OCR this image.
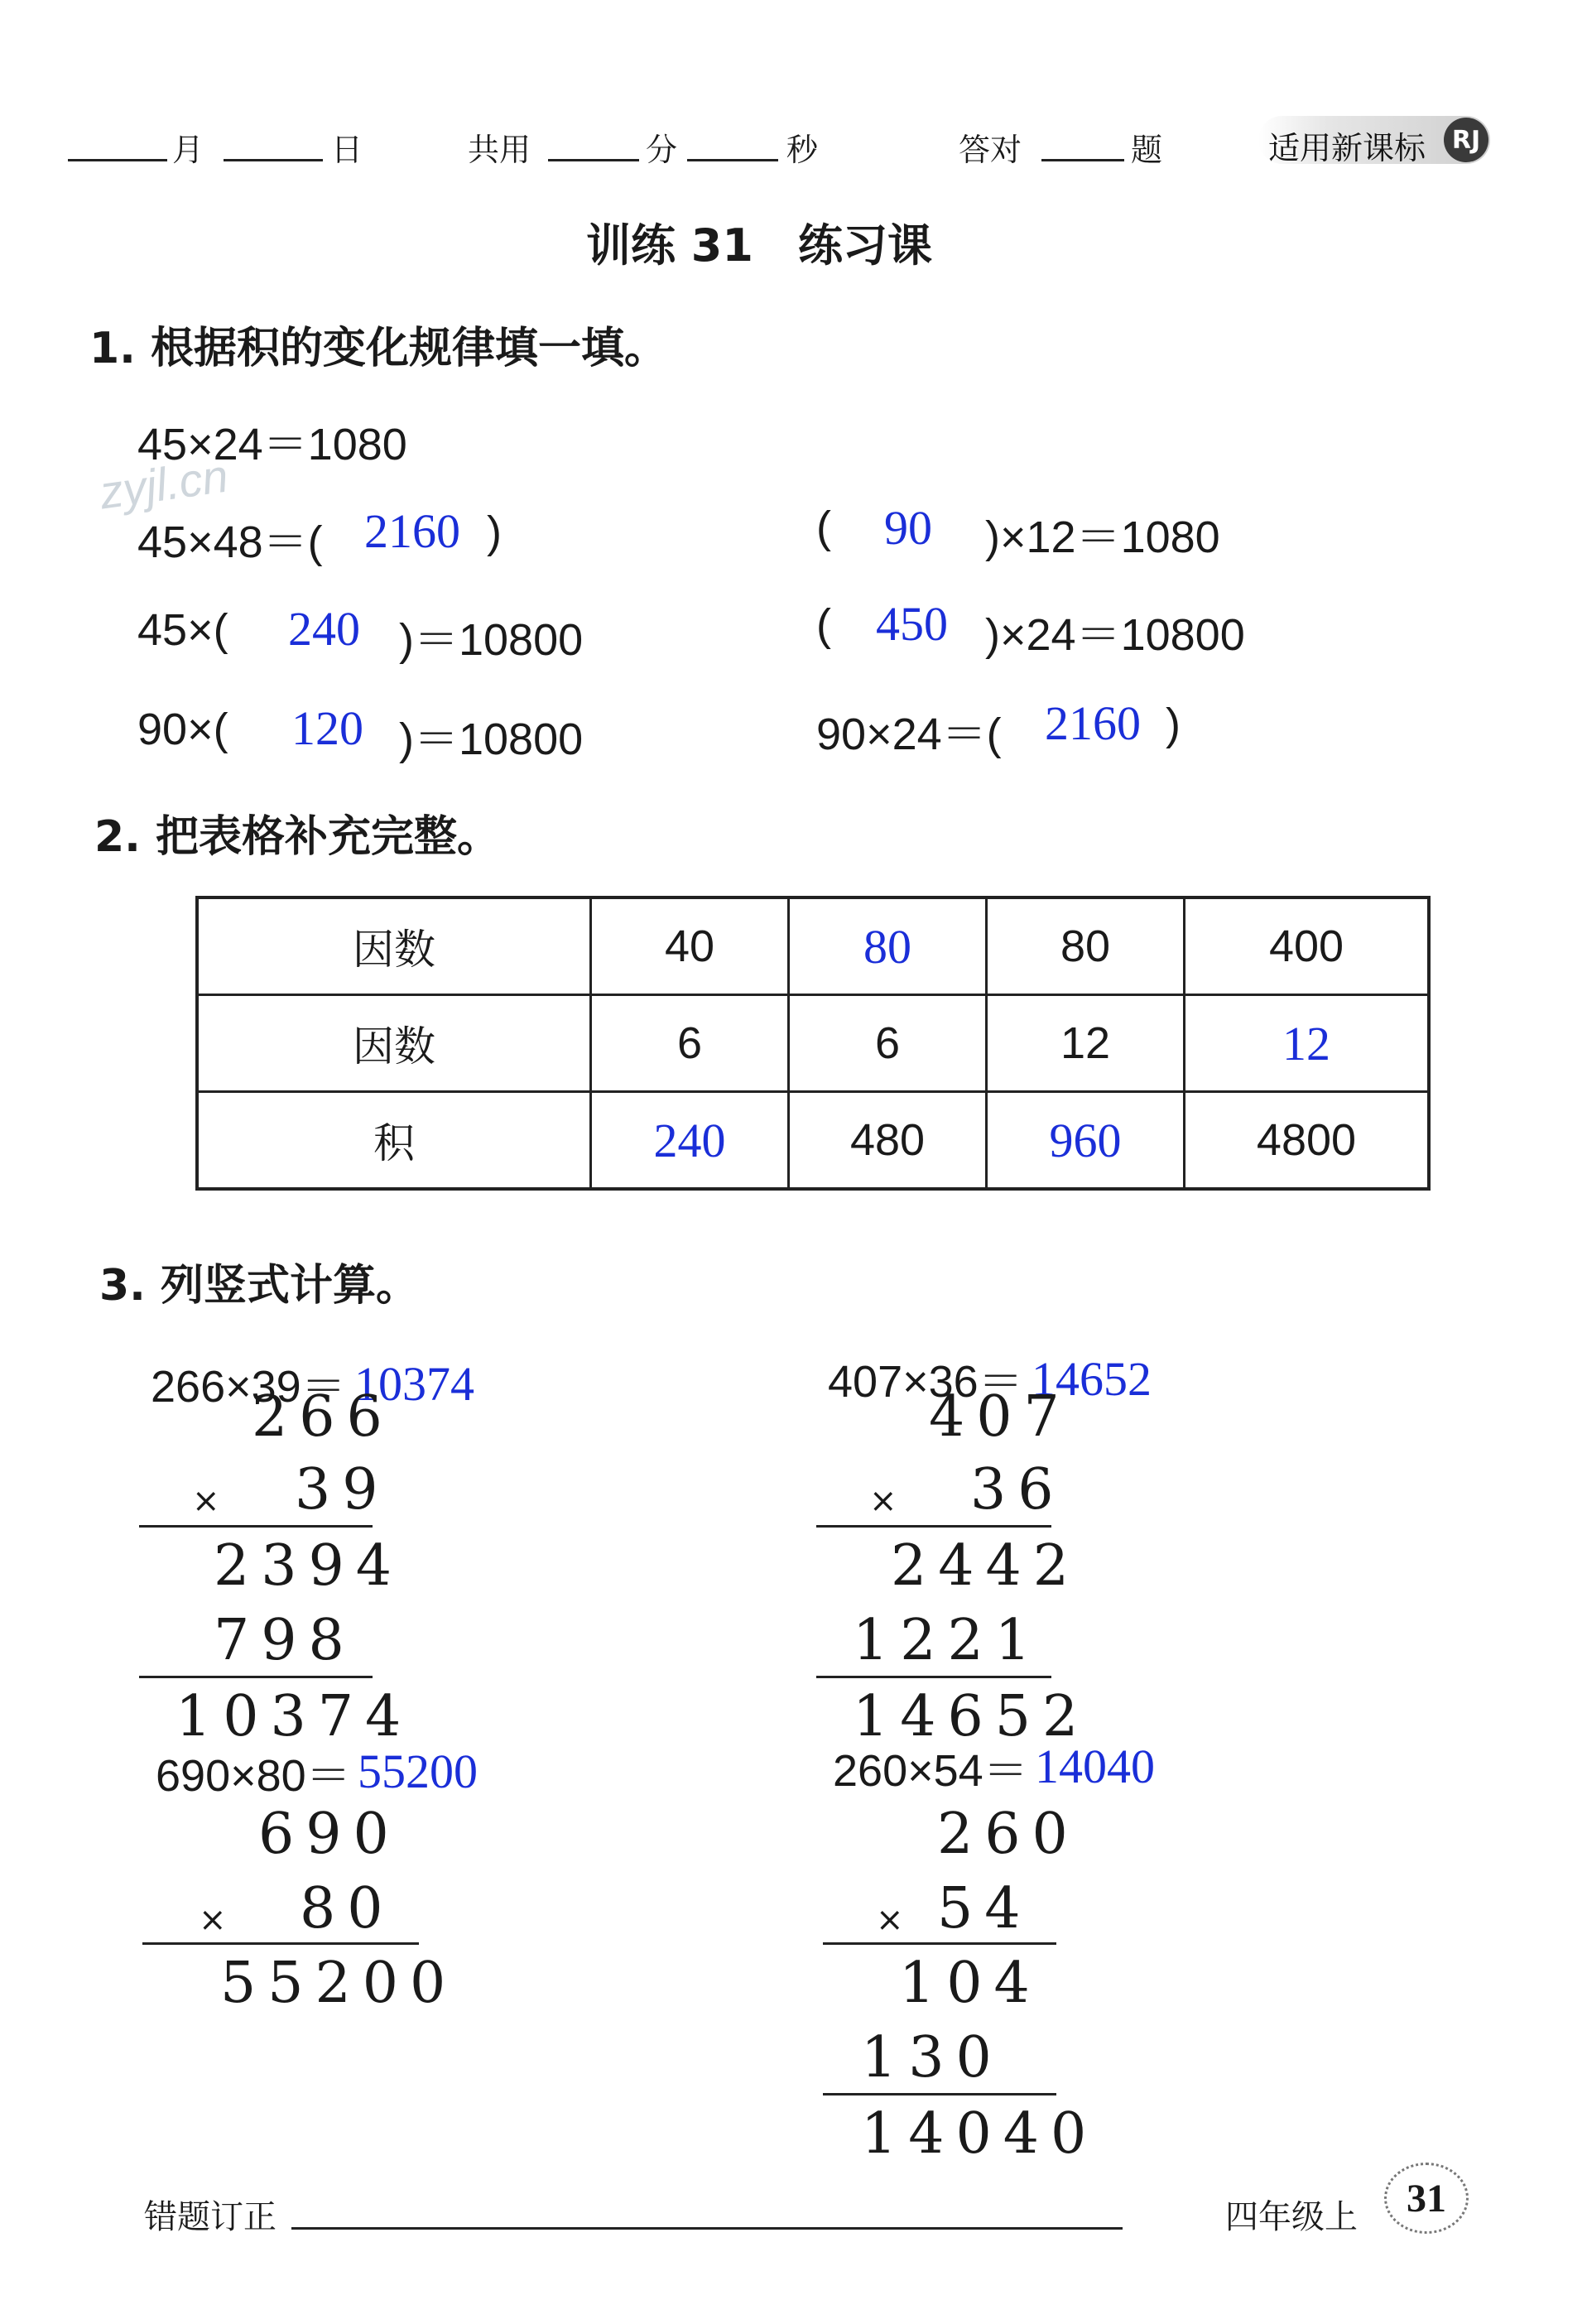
月	日	共用	分	秒	答对	题	适用新课标	RJ
训练 31　练习课
1. 根据积的变化规律填一填。
45×24＝1080
zyjl.cn
45×48＝( 2160 )	( 90 )×12＝1080
45×( 240 )＝10800	( 450 )×24＝10800
90×( 120 )＝10800	90×24＝( 2160 )
2. 把表格补充完整。
因数	40	80	80	400
因数	6	6	12	12
积	240	480	960	4800
3. 列竖式计算。
266×39＝ 10374
266
× 39
2394
798
10374
407×36＝ 14652
407
× 36
2442
1221
14652
690×80＝ 55200
690
× 80
55200
260×54＝ 14040
260
× 54
104
130
14040
错题订正	四年级上 31
